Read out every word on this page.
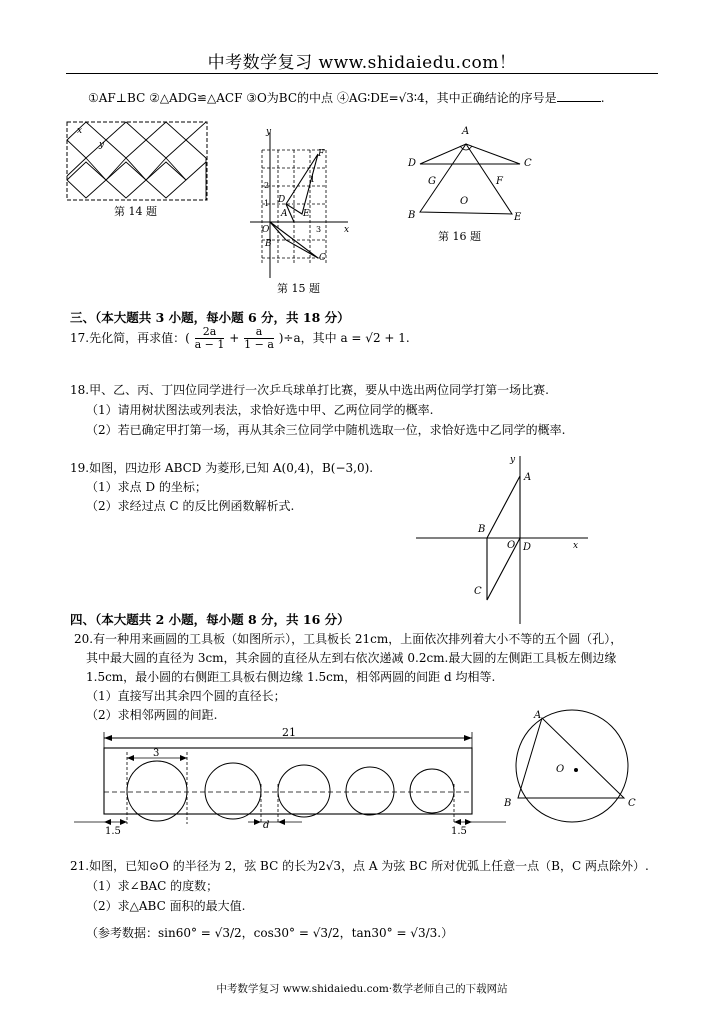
中考数学复习 www.shidaiedu.com！
①AF⊥BC ②△ADG≌△ACF ③O为BC的中点 ④AG∶DE=√3∶4，其中正确结论的序号是	.
x
y
第 14 题
y
x
O
F
D
A E
B
C
1
2
1
3
第 15 题
A
D	C
G	F
O
B	E
第 16 题
三、（本大题共 3 小题，每小题 6 分，共 18 分）
17.先化简，再求值：( $\frac{2a}{a - 1} + \frac{a}{1 - a} )\div a$，其中 a = √2 + 1.
18.甲、乙、丙、丁四位同学进行一次乒乓球单打比赛，要从中选出两位同学打第一场比赛.
（1）请用树状图法或列表法，求恰好选中甲、乙两位同学的概率.
（2）若已确定甲打第一场，再从其余三位同学中随机选取一位，求恰好选中乙同学的概率.
19.如图，四边形 ABCD 为菱形,已知 A(0,4)，B(−3,0).
（1）求点 D 的坐标；
（2）求经过点 C 的反比例函数解析式.
y
A
B
O D	x
C
四、（本大题共 2 小题，每小题 8 分，共 16 分）
20.有一种用来画圆的工具板（如图所示），工具板长 21cm，上面依次排列着大小不等的五个圆（孔），
其中最大圆的直径为 3cm，其余圆的直径从左到右依次递减 0.2cm.最大圆的左侧距工具板左侧边缘
1.5cm，最小圆的右侧距工具板右侧边缘 1.5cm，相邻两圆的间距 d 均相等.
（1）直接写出其余四个圆的直径长；
（2）求相邻两圆的间距.
21
3
1.5
d
1.5
A
O
B	C
21.如图，已知⊙O 的半径为 2，弦 BC 的长为2√3，点 A 为弦 BC 所对优弧上任意一点（B，C 两点除外）.
（1）求∠BAC 的度数；
（2）求△ABC 面积的最大值.
（参考数据：sin60° = √3/2，cos30° = √3/2，tan30° = √3/3.）
中考数学复习 www.shidaiedu.com·数学老师自己的下载网站
